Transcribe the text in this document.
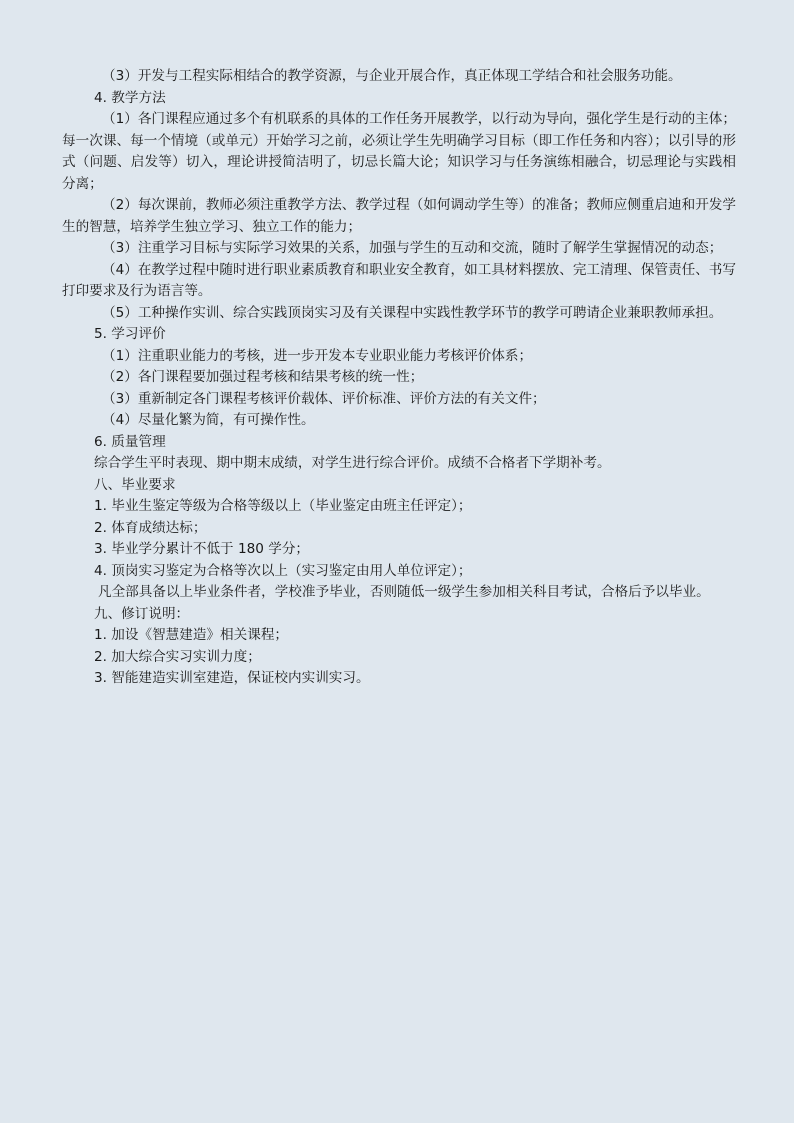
（3）开发与工程实际相结合的教学资源，与企业开展合作，真正体现工学结合和社会服务功能。

4. 教学方法

（1）各门课程应通过多个有机联系的具体的工作任务开展教学，以行动为导向，强化学生是行动的主体；每一次课、每一个情境（或单元）开始学习之前，必须让学生先明确学习目标（即工作任务和内容）；以引导的形式（问题、启发等）切入，理论讲授简洁明了，切忌长篇大论；知识学习与任务演练相融合，切忌理论与实践相分离；

（2）每次课前，教师必须注重教学方法、教学过程（如何调动学生等）的准备；教师应侧重启迪和开发学生的智慧，培养学生独立学习、独立工作的能力；

（3）注重学习目标与实际学习效果的关系，加强与学生的互动和交流，随时了解学生掌握情况的动态；

（4）在教学过程中随时进行职业素质教育和职业安全教育，如工具材料摆放、完工清理、保管责任、书写打印要求及行为语言等。

（5）工种操作实训、综合实践顶岗实习及有关课程中实践性教学环节的教学可聘请企业兼职教师承担。

5. 学习评价

（1）注重职业能力的考核，进一步开发本专业职业能力考核评价体系；

（2）各门课程要加强过程考核和结果考核的统一性；

（3）重新制定各门课程考核评价载体、评价标准、评价方法的有关文件；

（4）尽量化繁为简，有可操作性。

6. 质量管理

综合学生平时表现、期中期末成绩，对学生进行综合评价。成绩不合格者下学期补考。

八、毕业要求

1. 毕业生鉴定等级为合格等级以上（毕业鉴定由班主任评定）；

2. 体育成绩达标；

3. 毕业学分累计不低于 180 学分；

4. 顶岗实习鉴定为合格等次以上（实习鉴定由用人单位评定）；

凡全部具备以上毕业条件者，学校准予毕业，否则随低一级学生参加相关科目考试，合格后予以毕业。

九、修订说明：

1. 加设《智慧建造》相关课程；

2. 加大综合实习实训力度；

3. 智能建造实训室建造，保证校内实训实习。
